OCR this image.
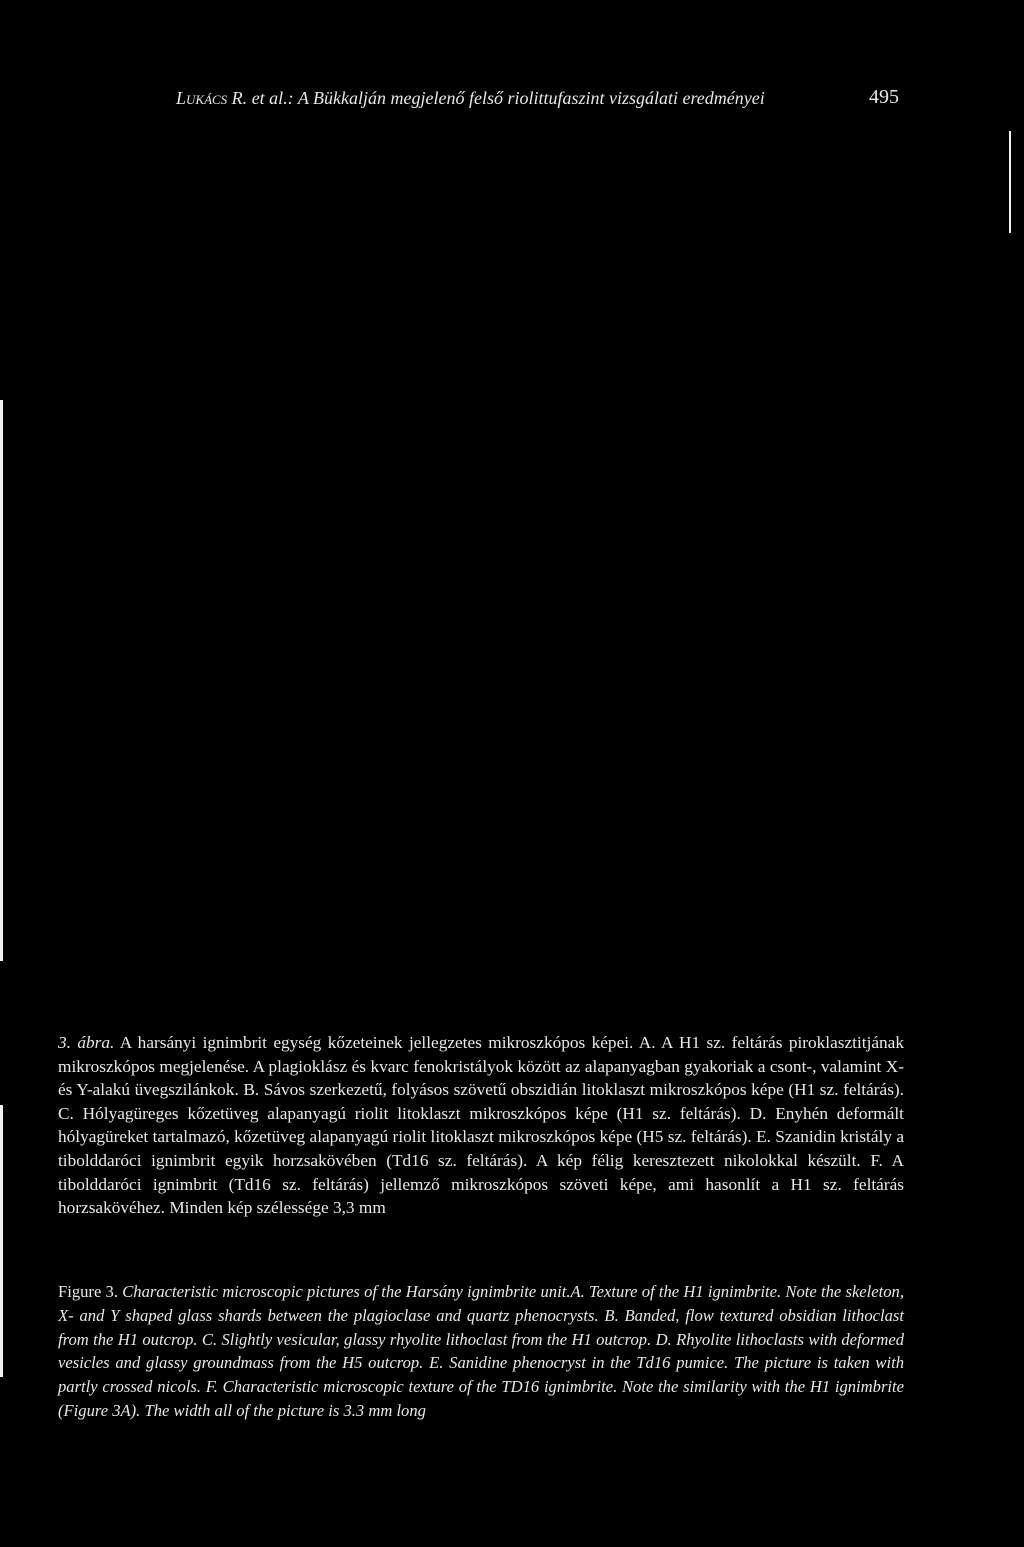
Lukács R. et al.: A Bükkalján megjelenő felső riolittufaszint vizsgálati eredményei	495
3. ábra. A harsányi ignimbrit egység kőzeteinek jellegzetes mikroszkópos képei. A. A H1 sz. feltárás piroklasztitjának mikroszkópos megjelenése. A plagioklász és kvarc fenokristályok között az alapanyagban gyakoriak a csont-, valamint X- és Y-alakú üvegszilánkok. B. Sávos szerkezetű, folyásos szövetű obszidián litoklaszt mikroszkópos képe (H1 sz. feltárás). C. Hólyagüreges kőzetüveg alapanyagú riolit litoklaszt mikroszkópos képe (H1 sz. feltárás). D. Enyhén deformált hólyagüreket tartalmazó, kőzetüveg alapanyagú riolit litoklaszt mikroszkópos képe (H5 sz. feltárás). E. Szanidin kristály a tibolddaróci ignimbrit egyik horzsakövében (Td16 sz. feltárás). A kép félig keresztezett nikolokkal készült. F. A tibolddaróci ignimbrit (Td16 sz. feltárás) jellemző mikroszkópos szöveti képe, ami hasonlít a H1 sz. feltárás horzsakövéhez. Minden kép szélessége 3,3 mm
Figure 3. Characteristic microscopic pictures of the Harsány ignimbrite unit.A. Texture of the H1 ignimbrite. Note the skeleton, X- and Y shaped glass shards between the plagioclase and quartz phenocrysts. B. Banded, flow textured obsidian lithoclast from the H1 outcrop. C. Slightly vesicular, glassy rhyolite lithoclast from the H1 outcrop. D. Rhyolite lithoclasts with deformed vesicles and glassy groundmass from the H5 outcrop. E. Sanidine phenocryst in the Td16 pumice. The picture is taken with partly crossed nicols. F. Characteristic microscopic texture of the TD16 ignimbrite. Note the similarity with the H1 ignimbrite (Figure 3A). The width all of the picture is 3.3 mm long
